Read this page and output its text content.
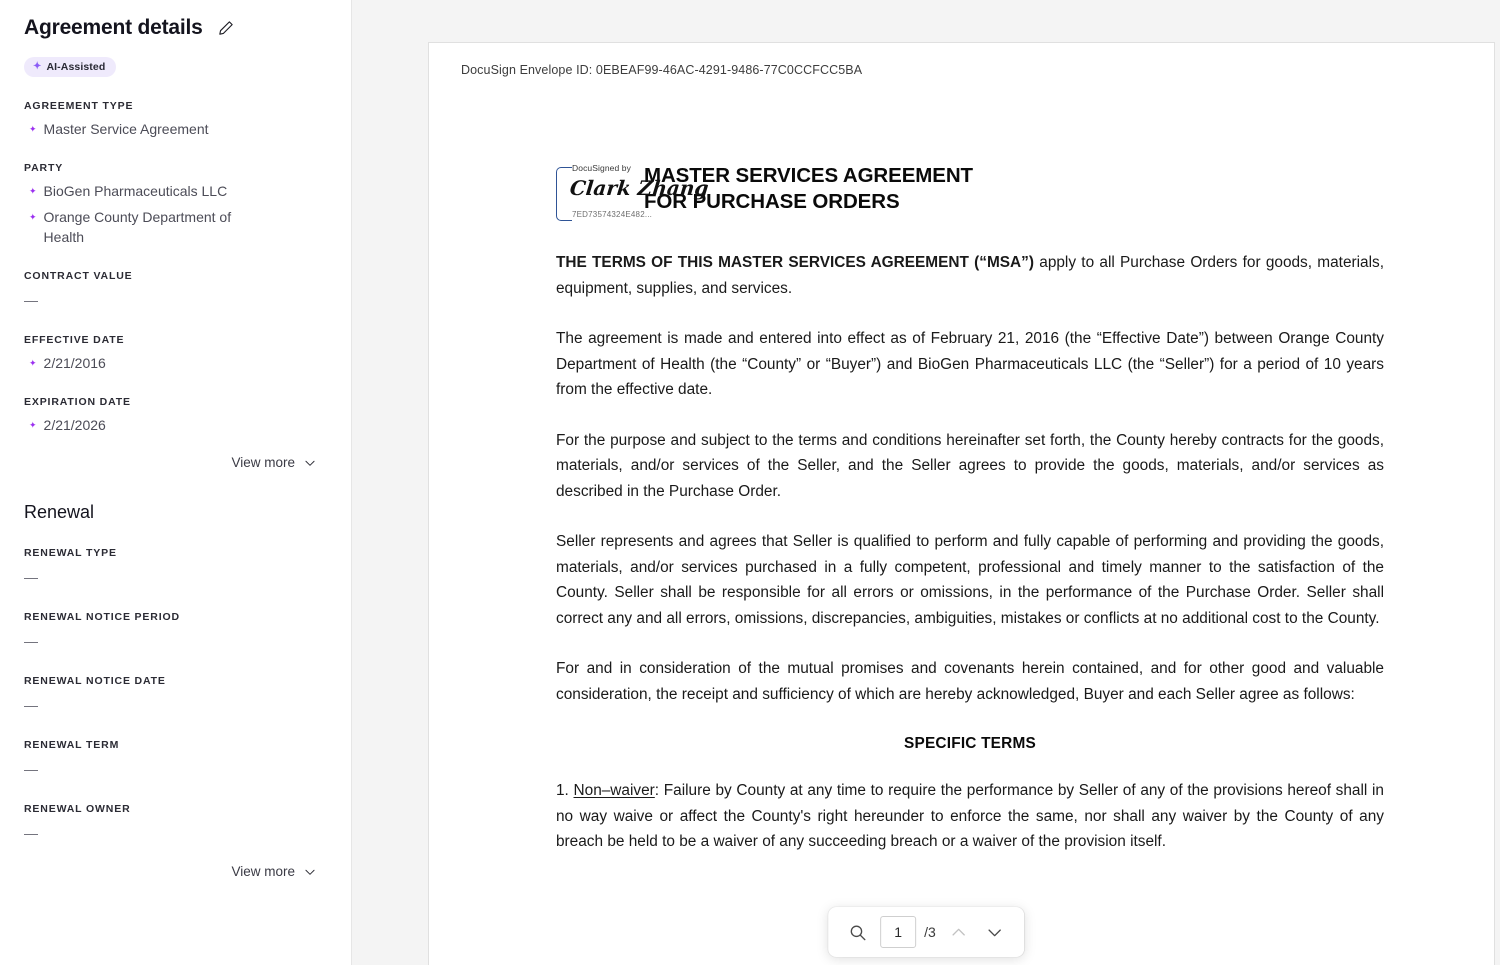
Agreement details
✦ AI-Assisted
AGREEMENT TYPE
✦ Master Service Agreement
PARTY
✦ BioGen Pharmaceuticals LLC
✦ Orange County Department of Health
CONTRACT VALUE
—
EFFECTIVE DATE
✦ 2/21/2016
EXPIRATION DATE
✦ 2/21/2026
View more
Renewal
RENEWAL TYPE
—
RENEWAL NOTICE PERIOD
—
RENEWAL NOTICE DATE
—
RENEWAL TERM
—
RENEWAL OWNER
—
View more
DocuSign Envelope ID: 0EBEAF99-46AC-4291-9486-77C0CCFCC5BA
DocuSigned by
Clark Zhang
7ED73574324E482...
MASTER SERVICES AGREEMENT
FOR PURCHASE ORDERS

THE TERMS OF THIS MASTER SERVICES AGREEMENT (“MSA”) apply to all Purchase Orders for goods, materials, equipment, supplies, and services.

The agreement is made and entered into effect as of February 21, 2016 (the “Effective Date”) between Orange County Department of Health (the “County” or “Buyer”) and BioGen Pharmaceuticals LLC (the “Seller”) for a period of 10 years from the effective date.

For the purpose and subject to the terms and conditions hereinafter set forth, the County hereby contracts for the goods, materials, and/or services of the Seller, and the Seller agrees to provide the goods, materials, and/or services as described in the Purchase Order.

Seller represents and agrees that Seller is qualified to perform and fully capable of performing and providing the goods, materials, and/or services purchased in a fully competent, professional and timely manner to the satisfaction of the County. Seller shall be responsible for all errors or omissions, in the performance of the Purchase Order. Seller shall correct any and all errors, omissions, discrepancies, ambiguities, mistakes or conflicts at no additional cost to the County.

For and in consideration of the mutual promises and covenants herein contained, and for other good and valuable consideration, the receipt and sufficiency of which are hereby acknowledged, Buyer and each Seller agree as follows:

SPECIFIC TERMS

1. Non–waiver: Failure by County at any time to require the performance by Seller of any of the provisions hereof shall in no way waive or affect the County's right hereunder to enforce the same, nor shall any waiver by the County of any breach be held to be a waiver of any succeeding breach or a waiver of the provision itself.

1
/3
